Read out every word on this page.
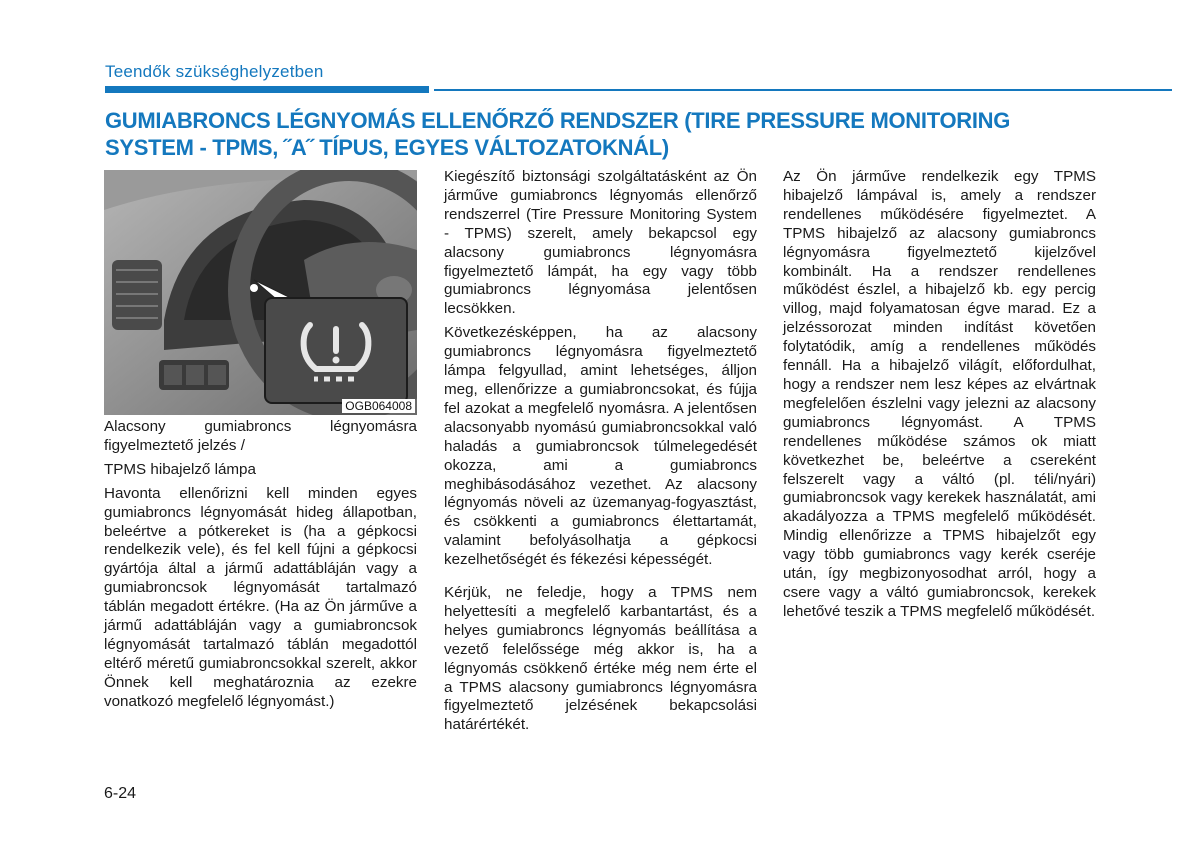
Teendők szükséghelyzetben
GUMIABRONCS LÉGNYOMÁS ELLENŐRZŐ RENDSZER (TIRE PRESSURE MONITORING
SYSTEM - TPMS, ˝A˝ TÍPUS, EGYES VÁLTOZATOKNÁL)
OGB064008

Alacsony gumiabroncs légnyomásra figyelmeztető jelzés /

TPMS hibajelző lámpa

Havonta ellenőrizni kell minden egyes gumiabroncs légnyomását hideg állapotban, beleértve a pótkereket is (ha a gépkocsi rendelkezik vele), és fel kell fújni a gépkocsi gyártója által a jármű adattábláján vagy a gumiabroncsok légnyomását tartalmazó táblán megadott értékre. (Ha az Ön járműve a jármű adattábláján vagy a gumiabroncsok légnyomását tartalmazó táblán megadottól eltérő méretű gumiabroncsokkal szerelt, akkor Önnek kell meghatároznia az ezekre vonatkozó megfelelő légnyomást.)

Kiegészítő biztonsági szolgáltatásként az Ön járműve gumiabroncs légnyomás ellenőrző rendszerrel (Tire Pressure Monitoring System - TPMS) szerelt, amely bekapcsol egy alacsony gumiabroncs légnyomásra figyelmeztető lámpát, ha egy vagy több gumiabroncs légnyomása jelentősen lecsökken.

Következésképpen, ha az alacsony gumiabroncs légnyomásra figyelmeztető lámpa felgyullad, amint lehetséges, álljon meg, ellenőrizze a gumiabroncsokat, és fújja fel azokat a megfelelő nyomásra. A jelentősen alacsonyabb nyomású gumiabroncsokkal való haladás a gumiabroncsok túlmelegedését okozza, ami a gumiabroncs meghibásodásához vezethet. Az alacsony légnyomás növeli az üzemanyag-fogyasztást, és csökkenti a gumiabroncs élettartamát, valamint befolyásolhatja a gépkocsi kezelhetőségét és fékezési képességét.

Kérjük, ne feledje, hogy a TPMS nem helyettesíti a megfelelő karbantartást, és a helyes gumiabroncs légnyomás beállítása a vezető felelőssége még akkor is, ha a légnyomás csökkenő értéke még nem érte el a TPMS alacsony gumiabroncs légnyomásra figyelmeztető jelzésének bekapcsolási határértékét.

Az Ön járműve rendelkezik egy TPMS hibajelző lámpával is, amely a rendszer rendellenes működésére figyelmeztet. A TPMS hibajelző az alacsony gumiabroncs légnyomásra figyelmeztető kijelzővel kombinált. Ha a rendszer rendellenes működést észlel, a hibajelző kb. egy percig villog, majd folyamatosan égve marad. Ez a jelzéssorozat minden indítást követően folytatódik, amíg a rendellenes működés fennáll. Ha a hibajelző világít, előfordulhat, hogy a rendszer nem lesz képes az elvártnak megfelelően észlelni vagy jelezni az alacsony gumiabroncs légnyomást. A TPMS rendellenes működése számos ok miatt következhet be, beleértve a csereként felszerelt vagy a váltó (pl. téli/nyári) gumiabroncsok vagy kerekek használatát, ami akadályozza a TPMS megfelelő működését. Mindig ellenőrizze a TPMS hibajelzőt egy vagy több gumiabroncs vagy kerék cseréje után, így megbizonyosodhat arról, hogy a csere vagy a váltó gumiabroncsok, kerekek lehetővé teszik a TPMS megfelelő működését.

6-24
